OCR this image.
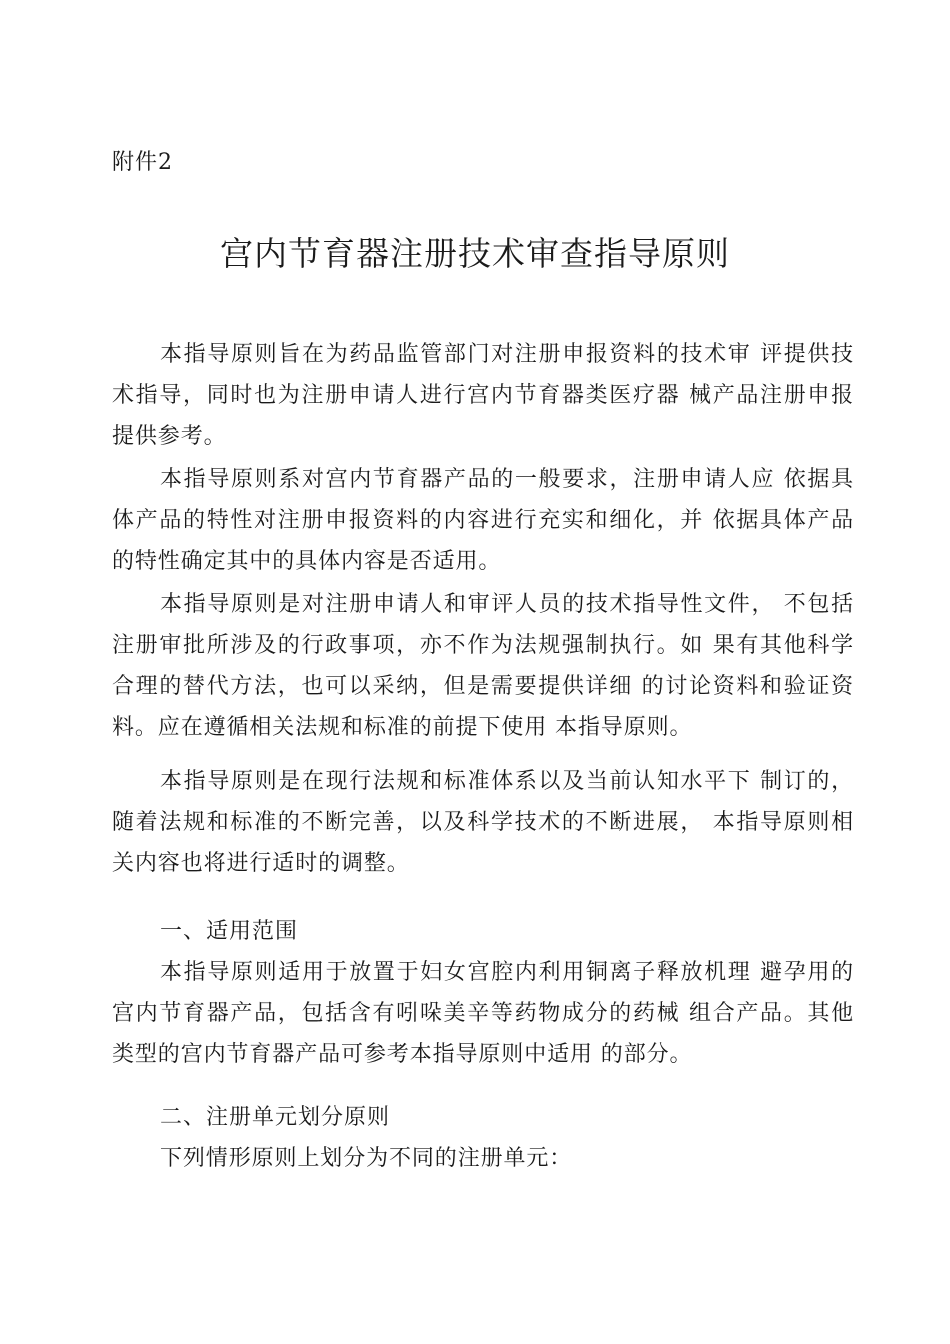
附件2
宫内节育器注册技术审查指导原则
本指导原则旨在为药品监管部门对注册申报资料的技术审 评提供技
术指导，同时也为注册申请人进行宫内节育器类医疗器 械产品注册申报
提供参考。
本指导原则系对宫内节育器产品的一般要求，注册申请人应 依据具
体产品的特性对注册申报资料的内容进行充实和细化，并 依据具体产品
的特性确定其中的具体内容是否适用。
本指导原则是对注册申请人和审评人员的技术指导性文件， 不包括
注册审批所涉及的行政事项，亦不作为法规强制执行。如 果有其他科学
合理的替代方法，也可以采纳，但是需要提供详细 的讨论资料和验证资
料。应在遵循相关法规和标准的前提下使用 本指导原则。
本指导原则是在现行法规和标准体系以及当前认知水平下 制订的，
随着法规和标准的不断完善，以及科学技术的不断进展， 本指导原则相
关内容也将进行适时的调整。
一、适用范围
本指导原则适用于放置于妇女宫腔内利用铜离子释放机理 避孕用的
宫内节育器产品，包括含有吲哚美辛等药物成分的药械 组合产品。其他
类型的宫内节育器产品可参考本指导原则中适用 的部分。
二、注册单元划分原则
下列情形原则上划分为不同的注册单元：
